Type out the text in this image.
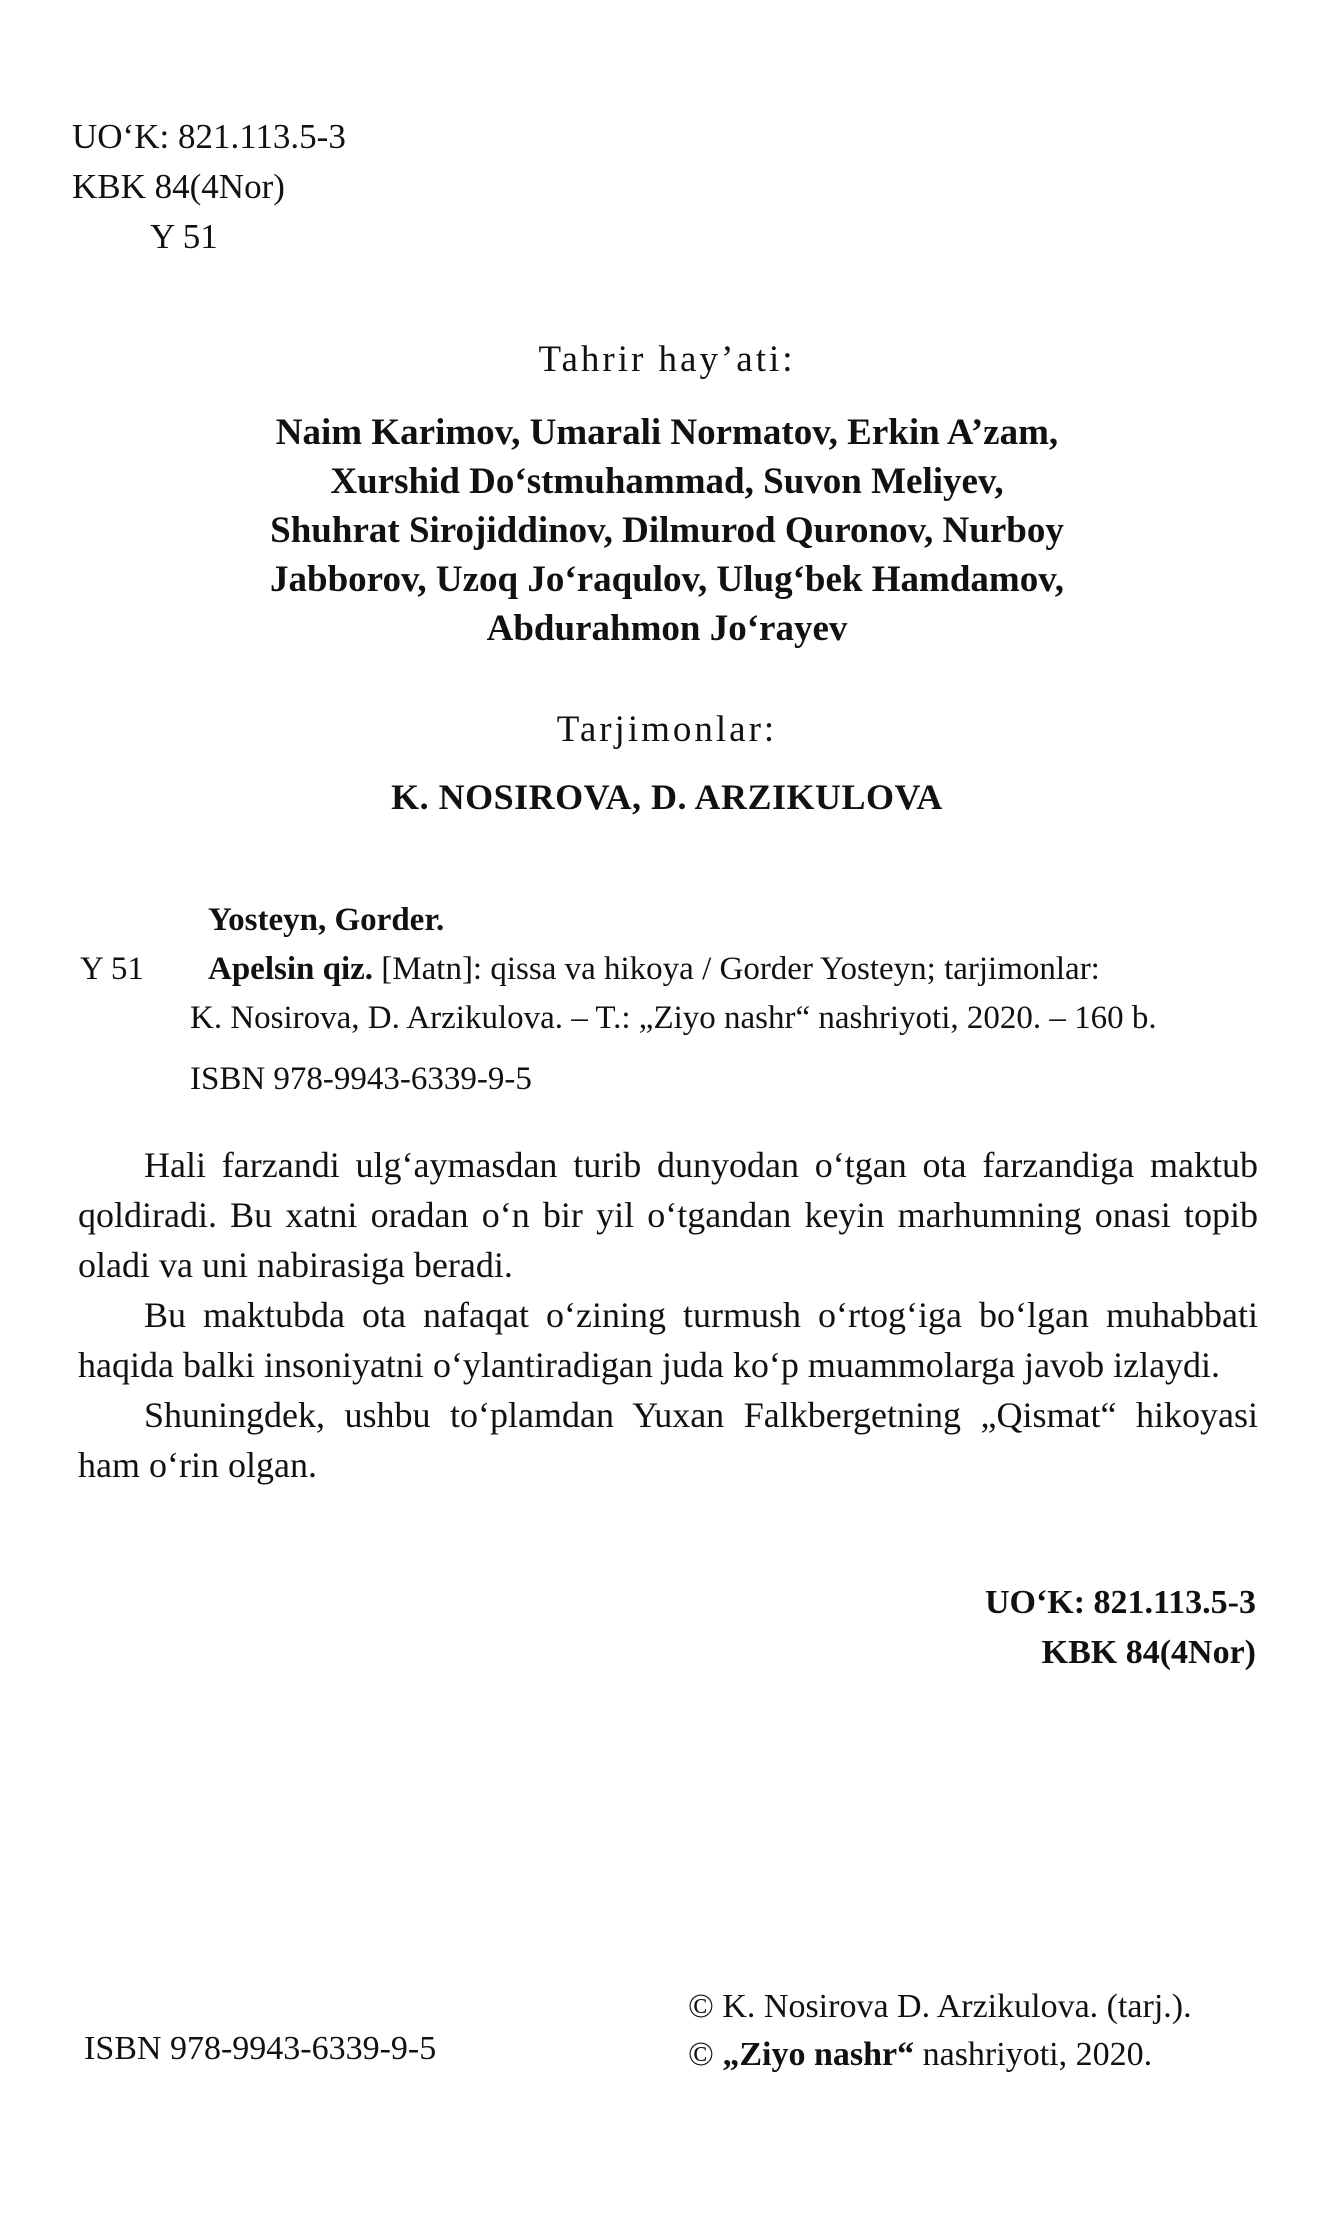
UO‘K: 821.113.5-3
KBK 84(4Nor)
Y 51
Tahrir hay’ati:
Naim Karimov, Umarali Normatov, Erkin A’zam,
Xurshid Do‘stmuhammad, Suvon Meliyev,
Shuhrat Sirojiddinov, Dilmurod Quronov, Nurboy
Jabborov, Uzoq Jo‘raqulov, Ulug‘bek Hamdamov,
Abdurahmon Jo‘rayev
Tarjimonlar:
K. NOSIROVA, D. ARZIKULOVA
Yosteyn, Gorder.
Y 51 Apelsin qiz. [Matn]: qissa va hikoya / Gorder Yosteyn; tarjimonlar:
K. Nosirova, D. Arzikulova. – T.: „Ziyo nashr“ nashriyoti, 2020. – 160 b.
ISBN 978-9943-6339-9-5

Hali farzandi ulg‘aymasdan turib dunyodan o‘tgan ota farzandiga maktub qoldiradi. Bu xatni oradan o‘n bir yil o‘tgandan keyin marhumning onasi topib oladi va uni nabirasiga beradi.

Bu maktubda ota nafaqat o‘zining turmush o‘rtog‘iga bo‘lgan muhabbati haqida balki insoniyatni o‘ylantiradigan juda ko‘p muammolarga javob izlaydi.

Shuningdek, ushbu to‘plamdan Yuxan Falkbergetning „Qismat“ hikoyasi ham o‘rin olgan.

UO‘K: 821.113.5-3
KBK 84(4Nor)
ISBN 978-9943-6339-9-5
© K. Nosirova D. Arzikulova. (tarj.).
© „Ziyo nashr“ nashriyoti, 2020.
